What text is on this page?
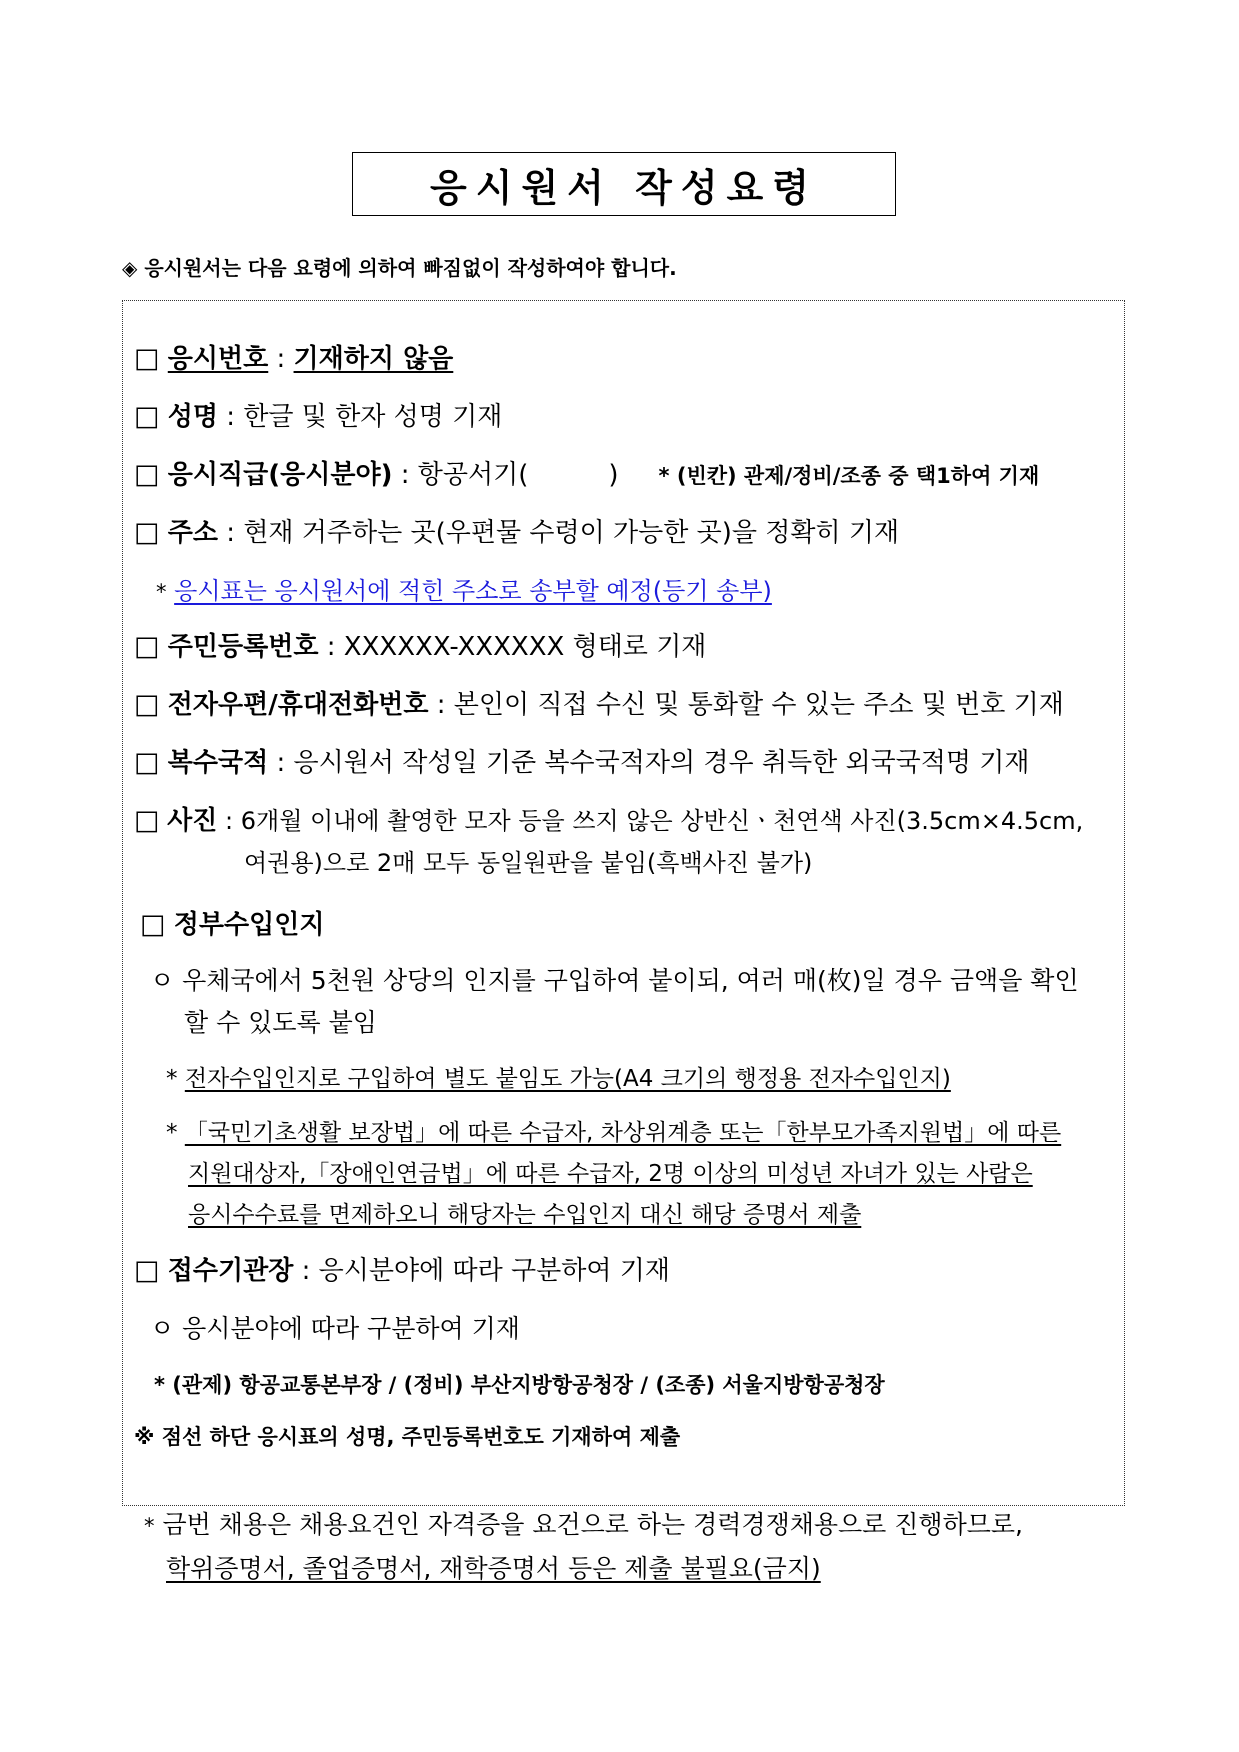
응시원서 작성요령
◈ 응시원서는 다음 요령에 의하여 빠짐없이 작성하여야 합니다.
□ 응시번호 : 기재하지 않음
□ 성명 : 한글 및 한자 성명 기재
□ 응시직급(응시분야) : 항공서기(	) * (빈칸) 관제/정비/조종 중 택1하여 기재
□ 주소 : 현재 거주하는 곳(우편물 수령이 가능한 곳)을 정확히 기재
* 응시표는 응시원서에 적힌 주소로 송부할 예정(등기 송부)
□ 주민등록번호 : XXXXXX-XXXXXX 형태로 기재
□ 전자우편/휴대전화번호 : 본인이 직접 수신 및 통화할 수 있는 주소 및 번호 기재
□ 복수국적 : 응시원서 작성일 기준 복수국적자의 경우 취득한 외국국적명 기재
□ 사진 : 6개월 이내에 촬영한 모자 등을 쓰지 않은 상반신ㆍ천연색 사진(3.5cm×4.5cm,
여권용)으로 2매 모두 동일원판을 붙임(흑백사진 불가)
□ 정부수입인지
ㅇ 우체국에서 5천원 상당의 인지를 구입하여 붙이되, 여러 매(枚)일 경우 금액을 확인
할 수 있도록 붙임
* 전자수입인지로 구입하여 별도 붙임도 가능(A4 크기의 행정용 전자수입인지)
* 「국민기초생활 보장법」에 따른 수급자, 차상위계층 또는「한부모가족지원법」에 따른
지원대상자,「장애인연금법」에 따른 수급자, 2명 이상의 미성년 자녀가 있는 사람은
응시수수료를 면제하오니 해당자는 수입인지 대신 해당 증명서 제출
□ 접수기관장 : 응시분야에 따라 구분하여 기재
ㅇ 응시분야에 따라 구분하여 기재
* (관제) 항공교통본부장 / (정비) 부산지방항공청장 / (조종) 서울지방항공청장
※ 점선 하단 응시표의 성명, 주민등록번호도 기재하여 제출
* 금번 채용은 채용요건인 자격증을 요건으로 하는 경력경쟁채용으로 진행하므로,
학위증명서, 졸업증명서, 재학증명서 등은 제출 불필요(금지)
